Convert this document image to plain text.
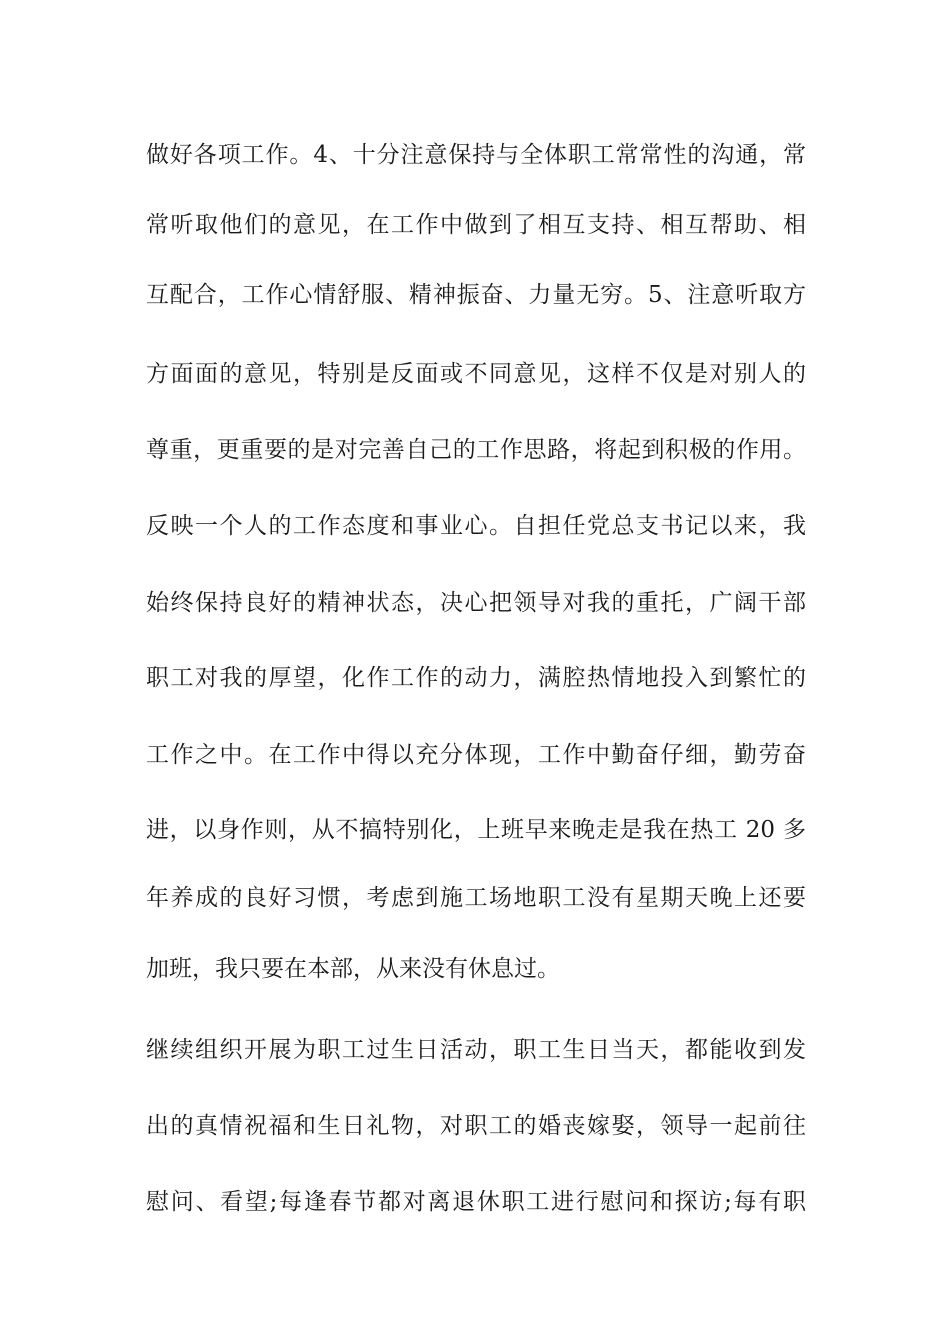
做好各项工作。4、十分注意保持与全体职工常常性的沟通，常
常听取他们的意见，在工作中做到了相互支持、相互帮助、相
互配合，工作心情舒服、精神振奋、力量无穷。5、注意听取方
方面面的意见，特别是反面或不同意见，这样不仅是对别人的
尊重，更重要的是对完善自己的工作思路，将起到积极的作用。
反映一个人的工作态度和事业心。自担任党总支书记以来，我
始终保持良好的精神状态，决心把领导对我的重托，广阔干部
职工对我的厚望，化作工作的动力，满腔热情地投入到繁忙的
工作之中。在工作中得以充分体现，工作中勤奋仔细，勤劳奋
进，以身作则，从不搞特别化，上班早来晚走是我在热工 20 多
年养成的良好习惯，考虑到施工场地职工没有星期天晚上还要
加班，我只要在本部，从来没有休息过。
继续组织开展为职工过生日活动，职工生日当天，都能收到发
出的真情祝福和生日礼物，对职工的婚丧嫁娶，领导一起前往
慰问、看望;每逢春节都对离退休职工进行慰问和探访;每有职
